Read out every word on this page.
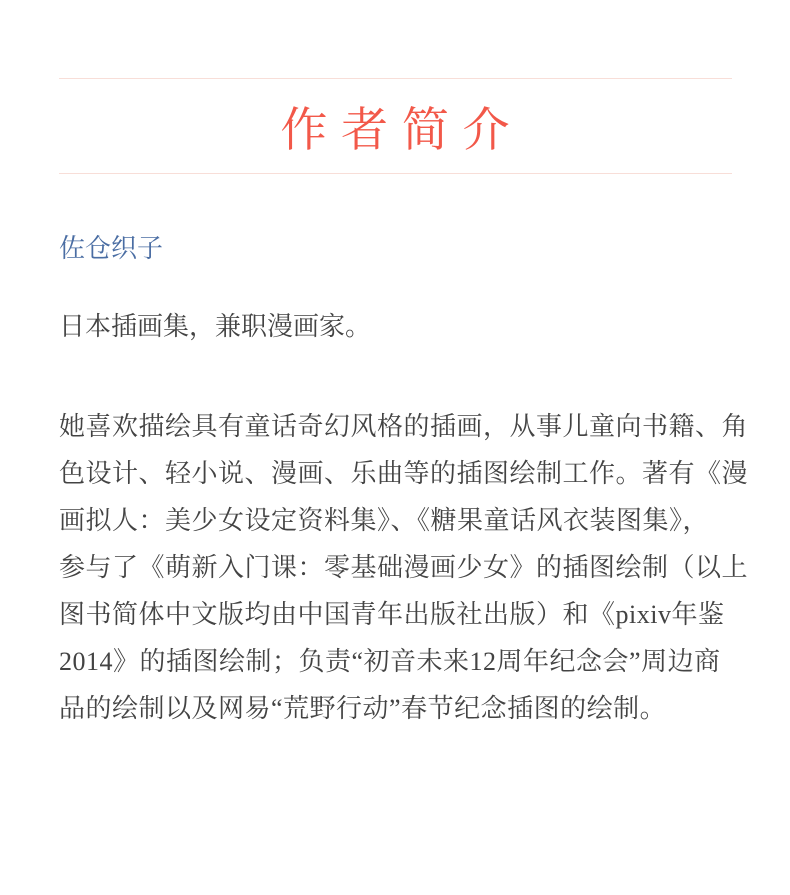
作 者 简 介
佐仓织子
日本插画集，兼职漫画家。
她喜欢描绘具有童话奇幻风格的插画，从事儿童向书籍、角
色设计、轻小说、漫画、乐曲等的插图绘制工作。著有《漫
画拟人：美少女设定资料集》、《糖果童话风衣装图集》，
参与了《萌新入门课：零基础漫画少女》的插图绘制（以上
图书简体中文版均由中国青年出版社出版）和《pixiv年鉴
2014》的插图绘制；负责“初音未来12周年纪念会”周边商
品的绘制以及网易“荒野行动”春节纪念插图的绘制。
